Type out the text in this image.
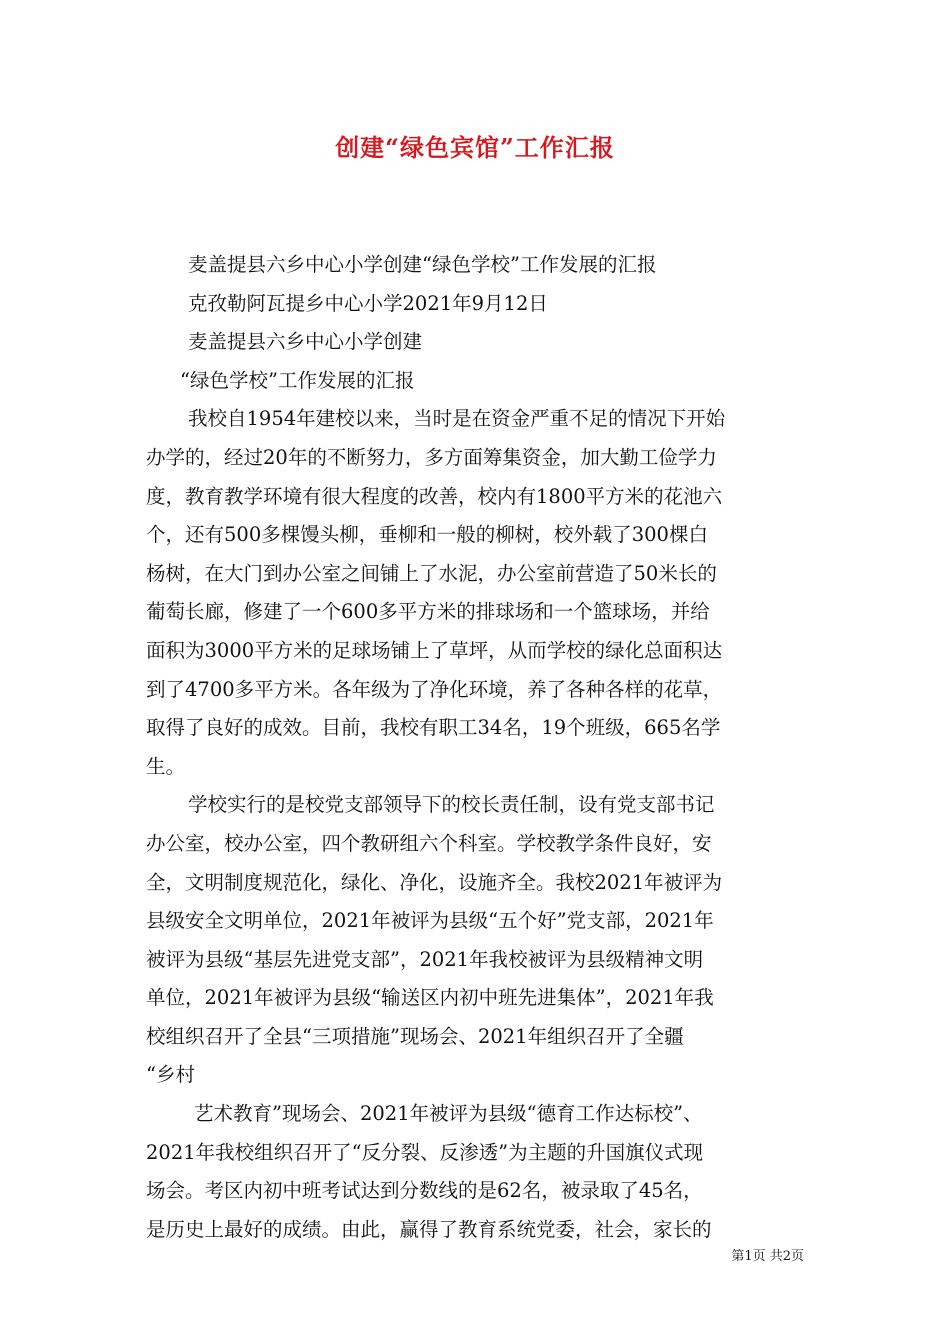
创建“绿色宾馆”工作汇报

麦盖提县六乡中心小学创建“绿色学校”工作发展的汇报

克孜勒阿瓦提乡中心小学2021年9月12日

麦盖提县六乡中心小学创建

“绿色学校”工作发展的汇报

我校自1954年建校以来，当时是在资金严重不足的情况下开始

办学的，经过20年的不断努力，多方面筹集资金，加大勤工俭学力

度，教育教学环境有很大程度的改善，校内有1800平方米的花池六

个，还有500多棵馒头柳，垂柳和一般的柳树，校外载了300棵白

杨树，在大门到办公室之间铺上了水泥，办公室前营造了50米长的

葡萄长廊，修建了一个600多平方米的排球场和一个篮球场，并给

面积为3000平方米的足球场铺上了草坪，从而学校的绿化总面积达

到了4700多平方米。各年级为了净化环境，养了各种各样的花草，

取得了良好的成效。目前，我校有职工34名，19个班级，665名学

生。

学校实行的是校党支部领导下的校长责任制，设有党支部书记

办公室，校办公室，四个教研组六个科室。学校教学条件良好，安

全，文明制度规范化，绿化、净化，设施齐全。我校2021年被评为

县级安全文明单位，2021年被评为县级“五个好”党支部，2021年

被评为县级“基层先进党支部”，2021年我校被评为县级精神文明

单位，2021年被评为县级“输送区内初中班先进集体”，2021年我

校组织召开了全县“三项措施”现场会、2021年组织召开了全疆

“乡村

艺术教育”现场会、2021年被评为县级“德育工作达标校”、

2021年我校组织召开了“反分裂、反渗透”为主题的升国旗仪式现

场会。考区内初中班考试达到分数线的是62名，被录取了45名，

是历史上最好的成绩。由此，赢得了教育系统党委，社会，家长的

第1页 共2页
